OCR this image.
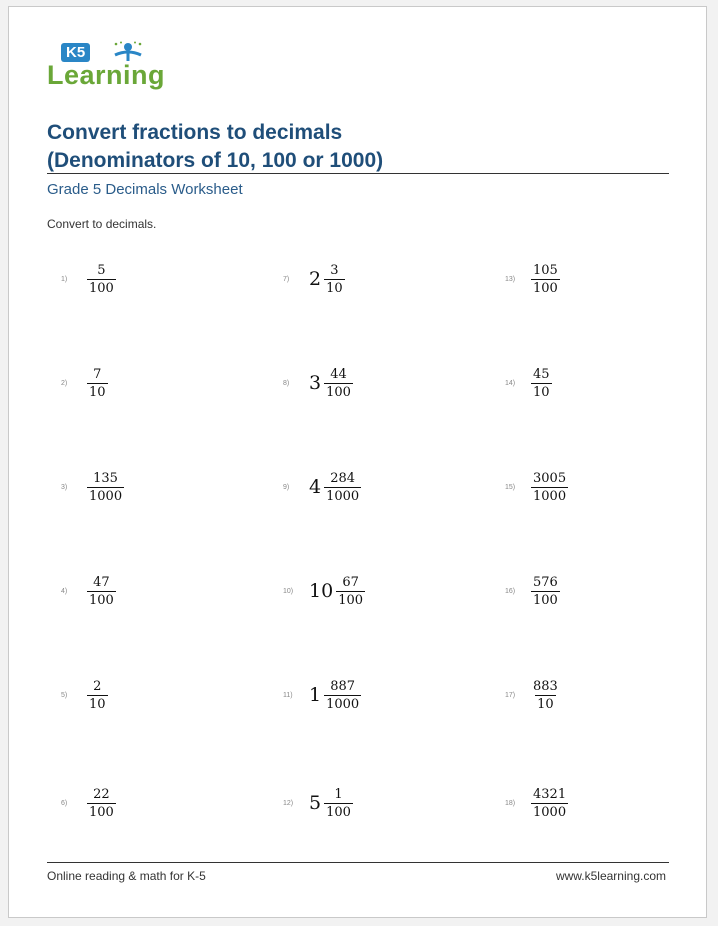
K5
Learning
Convert fractions to decimals
(Denominators of 10, 100 or 1000)
Grade 5 Decimals Worksheet
Convert to decimals.
1)	$\frac{5}{100}$	7)	$2 \frac{3}{10}$	13)	$\frac{105}{100}$
2)	$\frac{7}{10}$	8)	$3 \frac{44}{100}$	14)	$\frac{45}{10}$
3)	$\frac{135}{1000}$	9)	$4 \frac{284}{1000}$	15)	$\frac{3005}{1000}$
4)	$\frac{47}{100}$	10) $10 \frac{67}{100}$	16)	$\frac{576}{100}$
5)	$\frac{2}{10}$	11) $1 \frac{887}{1000}$	17)	$\frac{883}{10}$
6)	$\frac{22}{100}$	12) $5 \frac{1}{100}$	18)	$\frac{4321}{1000}$
Online reading & math for K-5	www.k5learning.com
